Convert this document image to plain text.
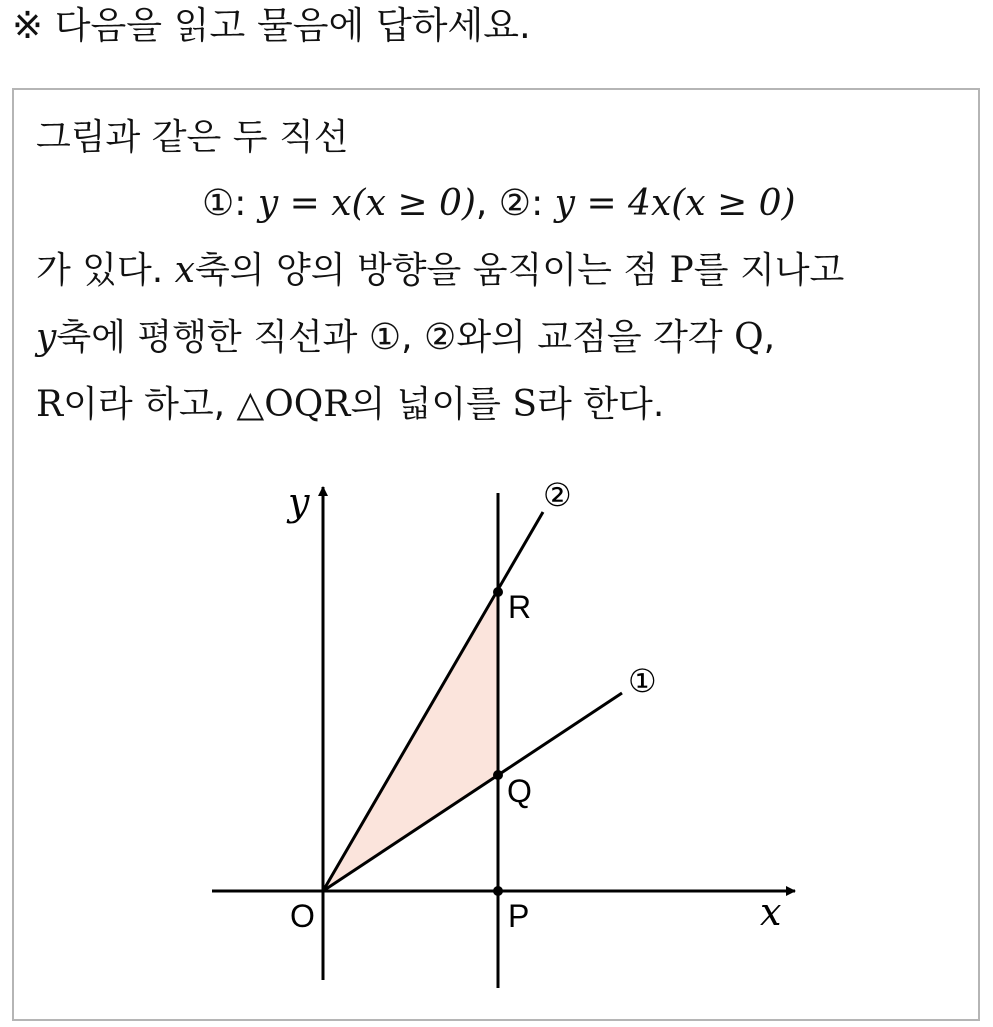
※ 다음을 읽고 물음에 답하세요.
그림과 같은 두 직선
①: y = x(x ≥ 0), ②: y = 4x(x ≥ 0)
가 있다. x축의 양의 방향을 움직이는 점 P를 지나고
y축에 평행한 직선과 ①, ②와의 교점을 각각 Q,
R이라 하고, △OQR의 넓이를 S라 한다.
y
x
O	P
Q
R
①
②
